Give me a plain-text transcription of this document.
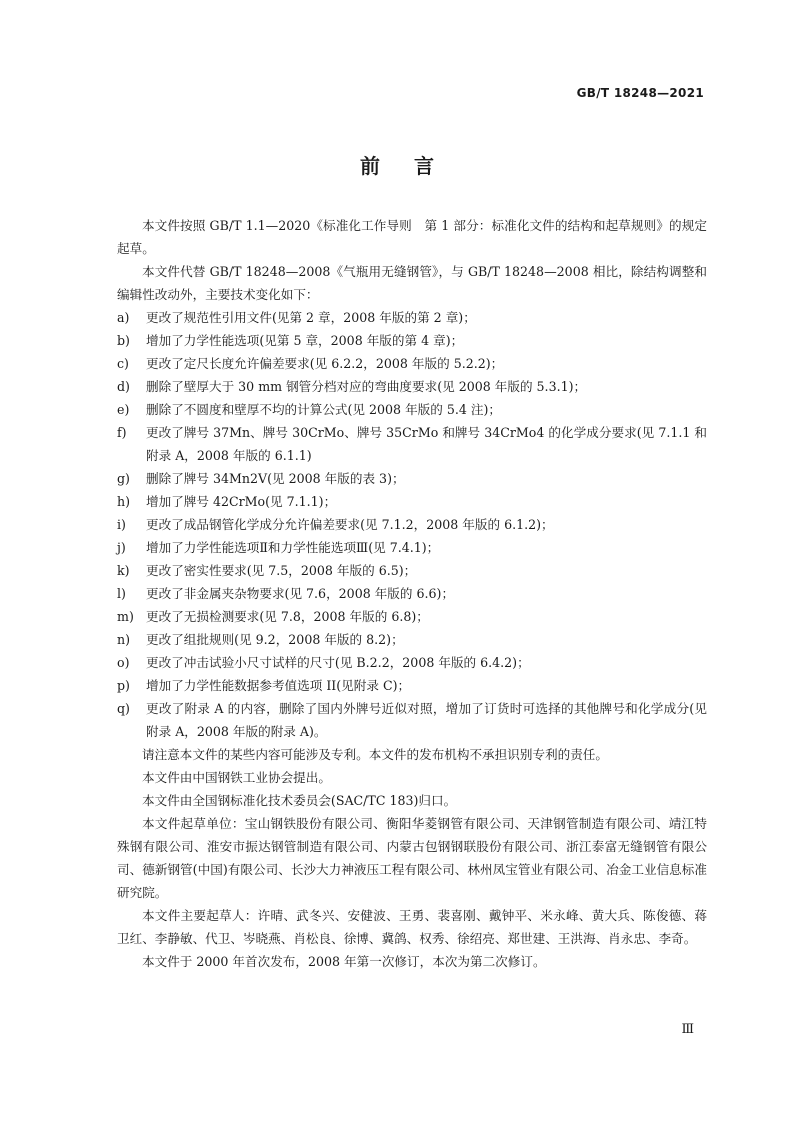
GB/T 18248—2021
前言

本文件按照 GB/T 1.1—2020《标准化工作导则　第 1 部分：标准化文件的结构和起草规则》的规定起草。

本文件代替 GB/T 18248—2008《气瓶用无缝钢管》，与 GB/T 18248—2008 相比，除结构调整和编辑性改动外，主要技术变化如下：

a)	更改了规范性引用文件(见第 2 章，2008 年版的第 2 章)；
b)	增加了力学性能选项(见第 5 章，2008 年版的第 4 章)；
c)	更改了定尺长度允许偏差要求(见 6.2.2，2008 年版的 5.2.2)；
d)	删除了壁厚大于 30 mm 钢管分档对应的弯曲度要求(见 2008 年版的 5.3.1)；
e)	删除了不圆度和壁厚不均的计算公式(见 2008 年版的 5.4 注)；
f)	更改了牌号 37Mn、牌号 30CrMo、牌号 35CrMo 和牌号 34CrMo4 的化学成分要求(见 7.1.1 和附录 A，2008 年版的 6.1.1)
g)	删除了牌号 34Mn2V(见 2008 年版的表 3)；
h)	增加了牌号 42CrMo(见 7.1.1)；
i)	更改了成品钢管化学成分允许偏差要求(见 7.1.2，2008 年版的 6.1.2)；
j)	增加了力学性能选项Ⅱ和力学性能选项Ⅲ(见 7.4.1)；
k)	更改了密实性要求(见 7.5，2008 年版的 6.5)；
l)	更改了非金属夹杂物要求(见 7.6，2008 年版的 6.6)；
m) 更改了无损检测要求(见 7.8，2008 年版的 6.8)；
n)	更改了组批规则(见 9.2，2008 年版的 8.2)；
o)	更改了冲击试验小尺寸试样的尺寸(见 B.2.2，2008 年版的 6.4.2)；
p)	增加了力学性能数据参考值选项 II(见附录 C)；
q)	更改了附录 A 的内容，删除了国内外牌号近似对照，增加了订货时可选择的其他牌号和化学成分(见附录 A，2008 年版的附录 A)。

请注意本文件的某些内容可能涉及专利。本文件的发布机构不承担识别专利的责任。

本文件由中国钢铁工业协会提出。

本文件由全国钢标准化技术委员会(SAC/TC 183)归口。

本文件起草单位：宝山钢铁股份有限公司、衡阳华菱钢管有限公司、天津钢管制造有限公司、靖江特殊钢有限公司、淮安市振达钢管制造有限公司、内蒙古包钢钢联股份有限公司、浙江泰富无缝钢管有限公司、德新钢管(中国)有限公司、长沙大力神液压工程有限公司、林州凤宝管业有限公司、冶金工业信息标准研究院。

本文件主要起草人：许晴、武冬兴、安健波、王勇、裴喜刚、戴钟平、米永峰、黄大兵、陈俊德、蒋卫红、李静敏、代卫、岑晓燕、肖松良、徐博、冀鸽、权秀、徐绍亮、郑世建、王洪海、肖永忠、李奇。

本文件于 2000 年首次发布，2008 年第一次修订，本次为第二次修订。

Ⅲ
